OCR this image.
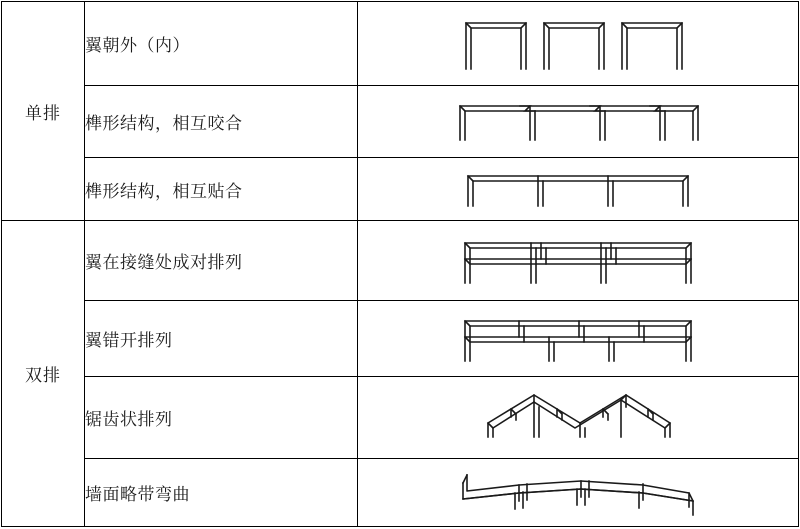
单排	翼朝外（内）	

	榫形结构，相互咬合	

	榫形结构，相互贴合	

双排	翼在接缝处成对排列	

	翼错开排列	

	锯齿状排列	

	墙面略带弯曲	
